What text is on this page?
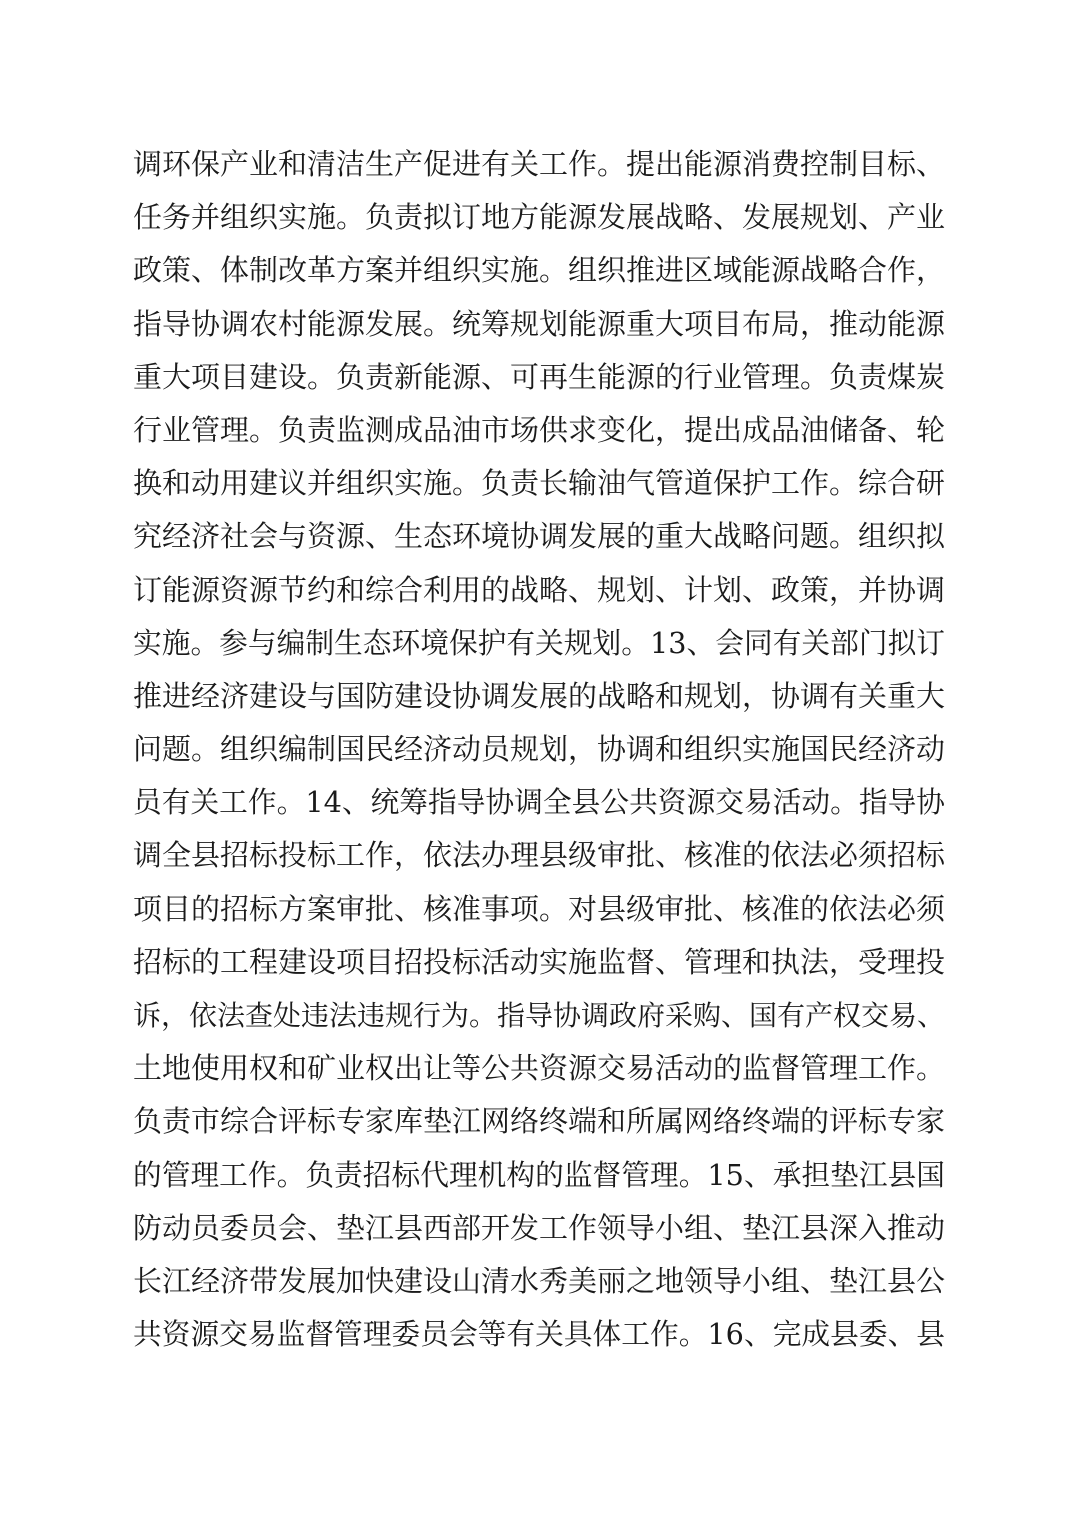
调环保产业和清洁生产促进有关工作。提出能源消费控制目标、
任务并组织实施。负责拟订地方能源发展战略、发展规划、产业
政策、体制改革方案并组织实施。组织推进区域能源战略合作，
指导协调农村能源发展。统筹规划能源重大项目布局，推动能源
重大项目建设。负责新能源、可再生能源的行业管理。负责煤炭
行业管理。负责监测成品油市场供求变化，提出成品油储备、轮
换和动用建议并组织实施。负责长输油气管道保护工作。综合研
究经济社会与资源、生态环境协调发展的重大战略问题。组织拟
订能源资源节约和综合利用的战略、规划、计划、政策，并协调
实施。参与编制生态环境保护有关规划。13、会同有关部门拟订
推进经济建设与国防建设协调发展的战略和规划，协调有关重大
问题。组织编制国民经济动员规划，协调和组织实施国民经济动
员有关工作。14、统筹指导协调全县公共资源交易活动。指导协
调全县招标投标工作，依法办理县级审批、核准的依法必须招标
项目的招标方案审批、核准事项。对县级审批、核准的依法必须
招标的工程建设项目招投标活动实施监督、管理和执法，受理投
诉，依法查处违法违规行为。指导协调政府采购、国有产权交易、
土地使用权和矿业权出让等公共资源交易活动的监督管理工作。
负责市综合评标专家库垫江网络终端和所属网络终端的评标专家
的管理工作。负责招标代理机构的监督管理。15、承担垫江县国
防动员委员会、垫江县西部开发工作领导小组、垫江县深入推动
长江经济带发展加快建设山清水秀美丽之地领导小组、垫江县公
共资源交易监督管理委员会等有关具体工作。16、完成县委、县
